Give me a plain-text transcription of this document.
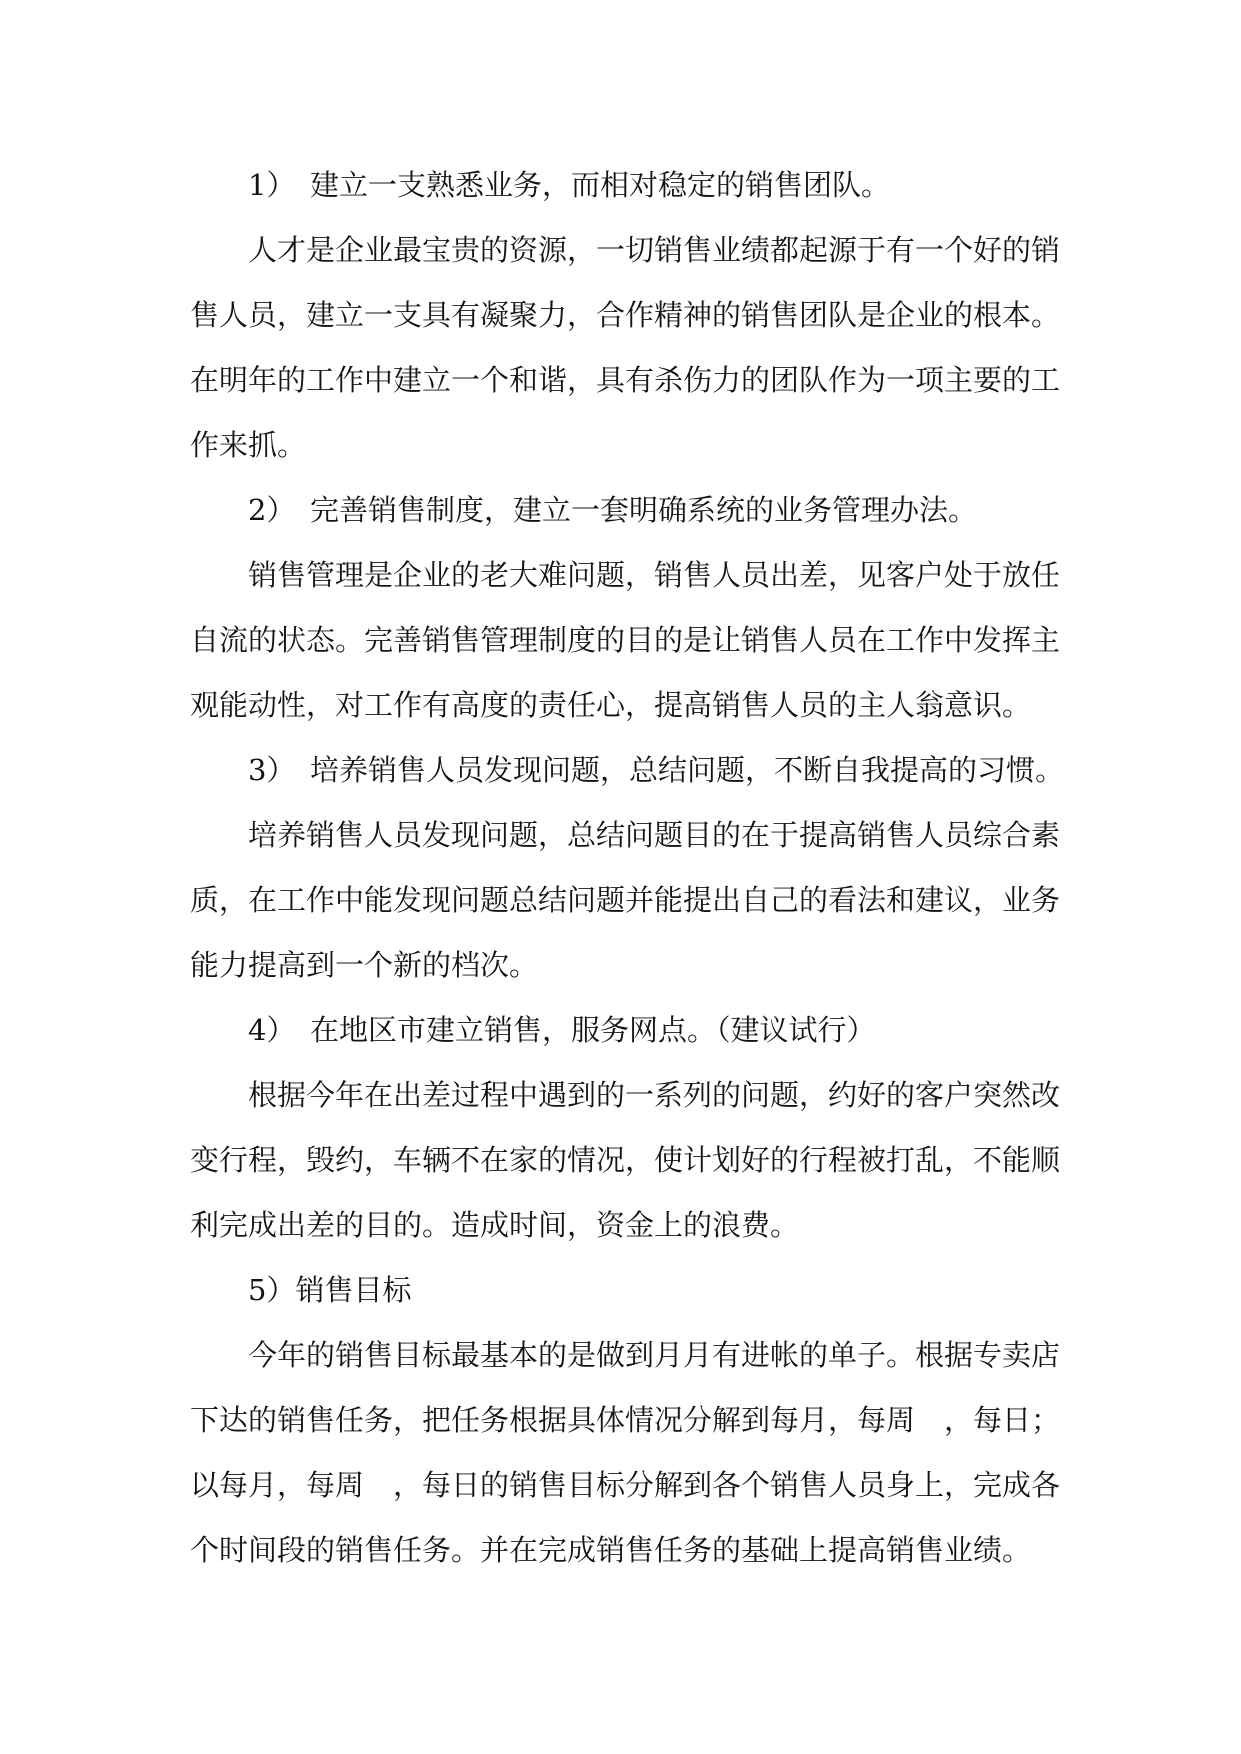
1）　建立一支熟悉业务，而相对稳定的销售团队。
人才是企业最宝贵的资源，一切销售业绩都起源于有一个好的销
售人员，建立一支具有凝聚力，合作精神的销售团队是企业的根本。
在明年的工作中建立一个和谐，具有杀伤力的团队作为一项主要的工
作来抓。
2）　完善销售制度，建立一套明确系统的业务管理办法。
销售管理是企业的老大难问题，销售人员出差，见客户处于放任
自流的状态。完善销售管理制度的目的是让销售人员在工作中发挥主
观能动性，对工作有高度的责任心，提高销售人员的主人翁意识。
3）　培养销售人员发现问题，总结问题，不断自我提高的习惯。
培养销售人员发现问题，总结问题目的在于提高销售人员综合素
质，在工作中能发现问题总结问题并能提出自己的看法和建议，业务
能力提高到一个新的档次。
4）　在地区市建立销售，服务网点。（建议试行）
根据今年在出差过程中遇到的一系列的问题，约好的客户突然改
变行程，毁约，车辆不在家的情况，使计划好的行程被打乱，不能顺
利完成出差的目的。造成时间，资金上的浪费。
5）销售目标
今年的销售目标最基本的是做到月月有进帐的单子。根据专卖店
下达的销售任务，把任务根据具体情况分解到每月，每周　，每日；
以每月，每周　，每日的销售目标分解到各个销售人员身上，完成各
个时间段的销售任务。并在完成销售任务的基础上提高销售业绩。
